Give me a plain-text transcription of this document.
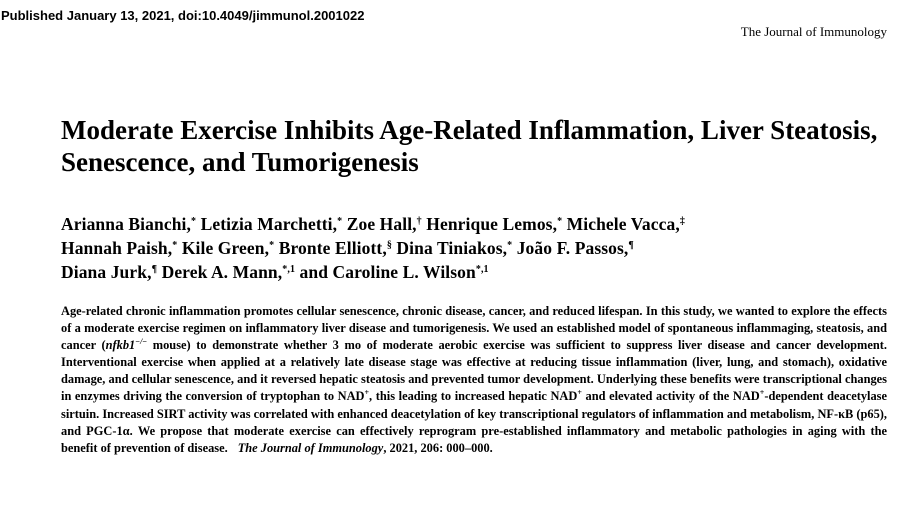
Published January 13, 2021, doi:10.4049/jimmunol.2001022
The Journal of Immunology
Moderate Exercise Inhibits Age-Related Inflammation, Liver Steatosis, Senescence, and Tumorigenesis

Arianna Bianchi,* Letizia Marchetti,* Zoe Hall,† Henrique Lemos,* Michele Vacca,‡
Hannah Paish,* Kile Green,* Bronte Elliott,§ Dina Tiniakos,* João F. Passos,¶
Diana Jurk,¶ Derek A. Mann,$^{*,1}$ and Caroline L. Wilson$^{*,1}$

Age-related chronic inflammation promotes cellular senescence, chronic disease, cancer, and reduced lifespan. In this study, we wanted to explore the effects of a moderate exercise regimen on inflammatory liver disease and tumorigenesis. We used an established model of spontaneous inflammaging, steatosis, and cancer (nfkb1−/− mouse) to demonstrate whether 3 mo of moderate aerobic exercise was sufficient to suppress liver disease and cancer development. Interventional exercise when applied at a relatively late disease stage was effective at reducing tissue inflammation (liver, lung, and stomach), oxidative damage, and cellular senescence, and it reversed hepatic steatosis and prevented tumor development. Underlying these benefits were transcriptional changes in enzymes driving the conversion of tryptophan to NAD+, this leading to increased hepatic NAD+ and elevated activity of the NAD+-dependent deacetylase sirtuin. Increased SIRT activity was correlated with enhanced deacetylation of key transcriptional regulators of inflammation and metabolism, NF-κB (p65), and PGC-1α. We propose that moderate exercise can effectively reprogram pre-established inflammatory and metabolic pathologies in aging with the benefit of prevention of disease. The Journal of Immunology, 2021, 206: 000–000.
